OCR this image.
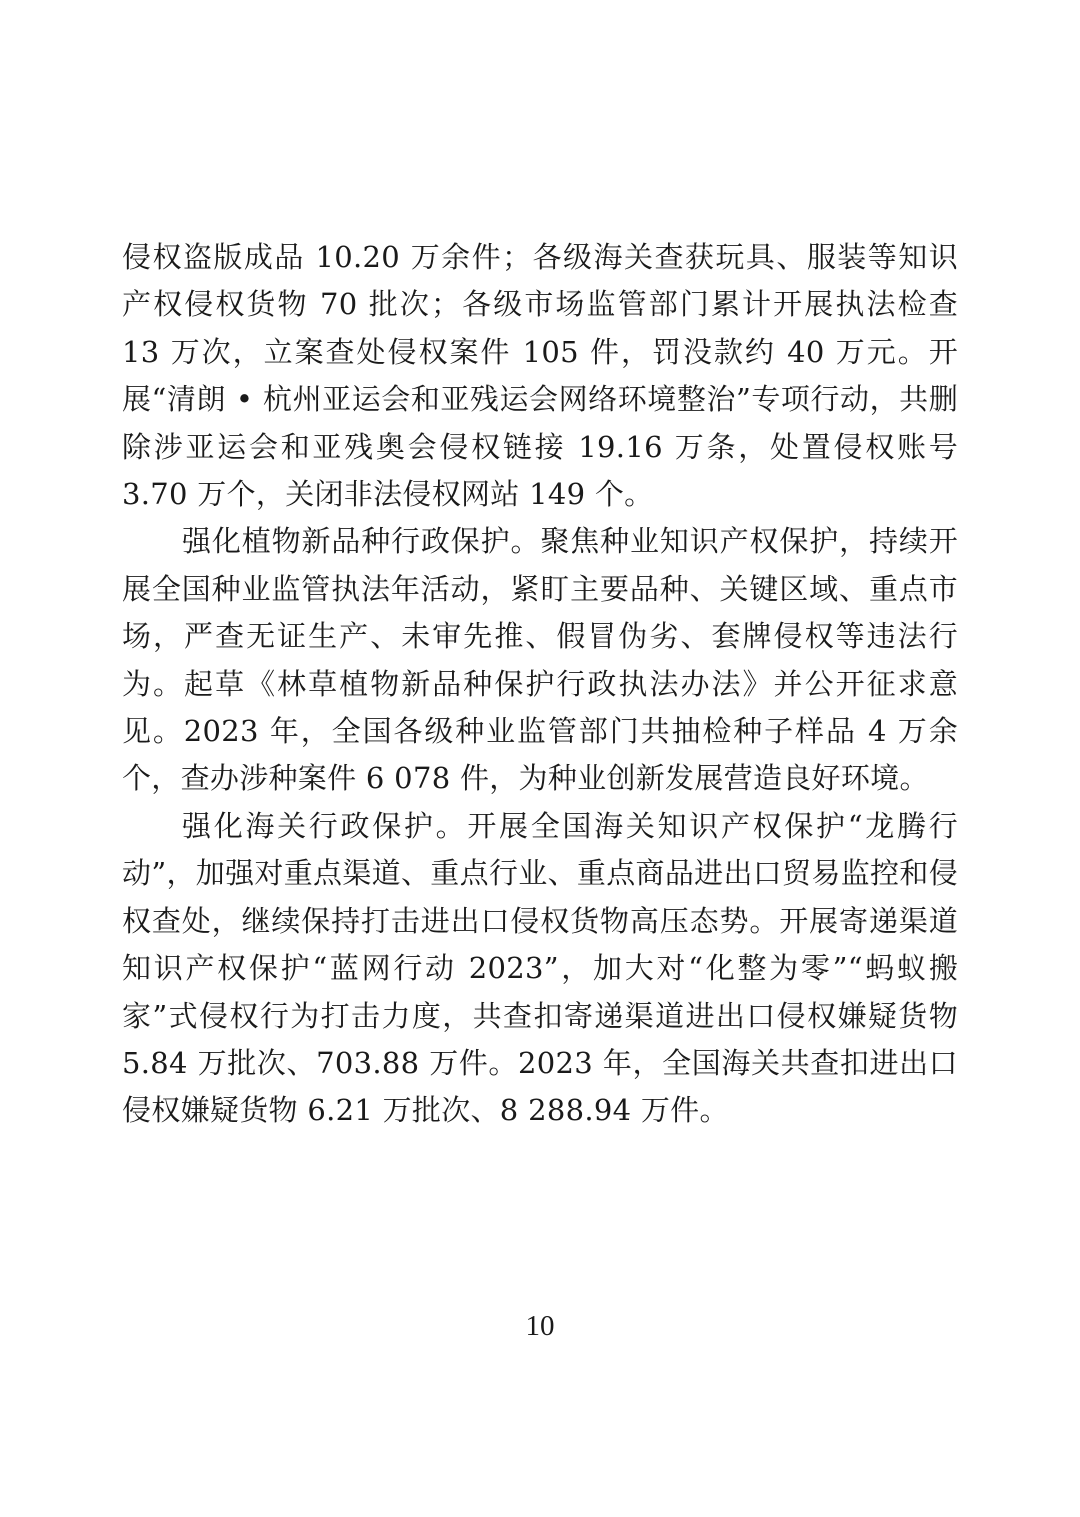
侵权盗版成品 10.20 万余件；各级海关查获玩具、服装等知识产权侵权货物 70 批次；各级市场监管部门累计开展执法检查 13 万次，立案查处侵权案件 105 件，罚没款约 40 万元。开展“清朗 • 杭州亚运会和亚残运会网络环境整治”专项行动，共删除涉亚运会和亚残奥会侵权链接 19.16 万条，处置侵权账号 3.70 万个，关闭非法侵权网站 149 个。

强化植物新品种行政保护。聚焦种业知识产权保护，持续开展全国种业监管执法年活动，紧盯主要品种、关键区域、重点市场，严查无证生产、未审先推、假冒伪劣、套牌侵权等违法行为。起草《林草植物新品种保护行政执法办法》并公开征求意见。2023 年，全国各级种业监管部门共抽检种子样品 4 万余个，查办涉种案件 6 078 件，为种业创新发展营造良好环境。

强化海关行政保护。开展全国海关知识产权保护“龙腾行动”，加强对重点渠道、重点行业、重点商品进出口贸易监控和侵权查处，继续保持打击进出口侵权货物高压态势。开展寄递渠道知识产权保护“蓝网行动 2023”，加大对“化整为零”“蚂蚁搬家”式侵权行为打击力度，共查扣寄递渠道进出口侵权嫌疑货物 5.84 万批次、703.88 万件。2023 年，全国海关共查扣进出口侵权嫌疑货物 6.21 万批次、8 288.94 万件。

10
